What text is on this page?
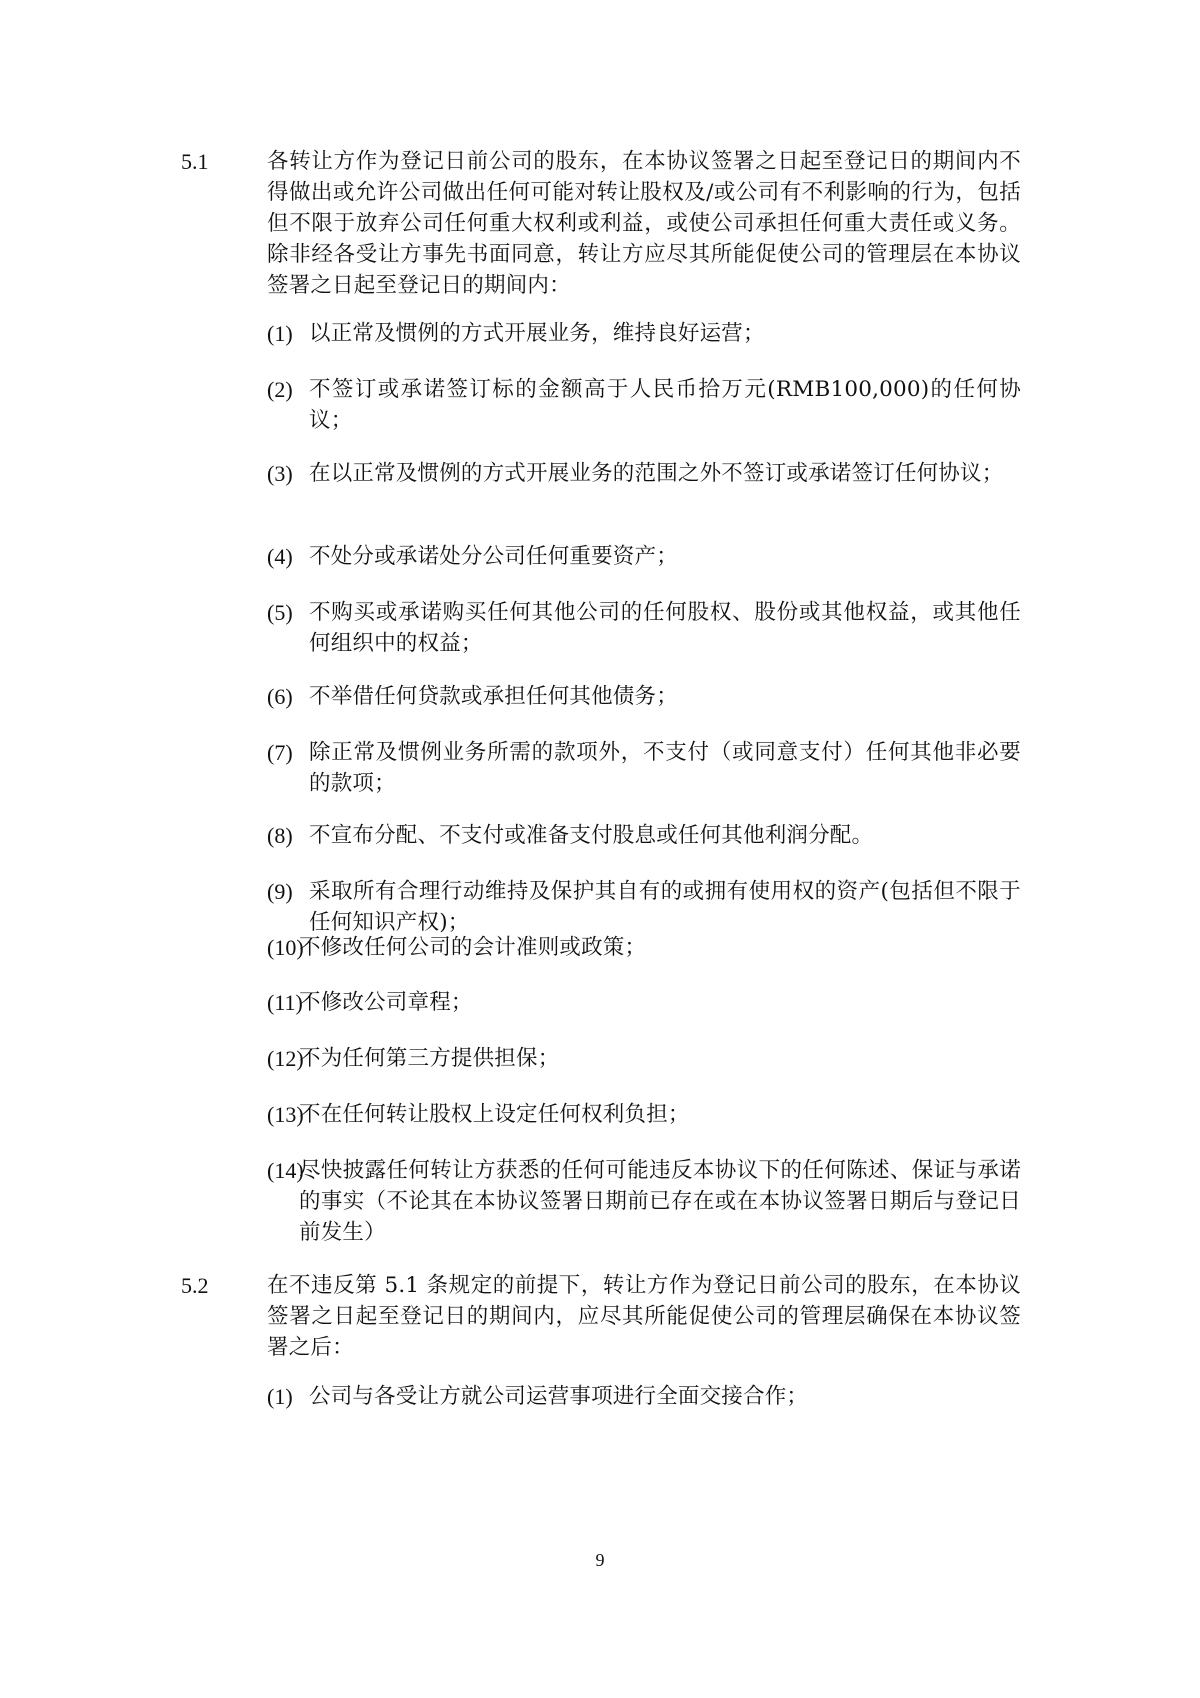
5.1	各转让方作为登记日前公司的股东，在本协议签署之日起至登记日的期间内不得做出或允许公司做出任何可能对转让股权及/或公司有不利影响的行为，包括但不限于放弃公司任何重大权利或利益，或使公司承担任何重大责任或义务。除非经各受让方事先书面同意，转让方应尽其所能促使公司的管理层在本协议签署之日起至登记日的期间内：
(1) 以正常及惯例的方式开展业务，维持良好运营；
(2) 不签订或承诺签订标的金额高于人民币拾万元(RMB100,000)的任何协议；
(3) 在以正常及惯例的方式开展业务的范围之外不签订或承诺签订任何协议；
(4) 不处分或承诺处分公司任何重要资产；
(5) 不购买或承诺购买任何其他公司的任何股权、股份或其他权益，或其他任何组织中的权益；
(6) 不举借任何贷款或承担任何其他债务；
(7) 除正常及惯例业务所需的款项外，不支付（或同意支付）任何其他非必要的款项；
(8) 不宣布分配、不支付或准备支付股息或任何其他利润分配。
(9) 采取所有合理行动维持及保护其自有的或拥有使用权的资产(包括但不限于任何知识产权)；
(10)
不修改任何公司的会计准则或政策；
(11)
不修改公司章程；
(12)
不为任何第三方提供担保；
(13)
不在任何转让股权上设定任何权利负担；
(14)
尽快披露任何转让方获悉的任何可能违反本协议下的任何陈述、保证与承诺的事实（不论其在本协议签署日期前已存在或在本协议签署日期后与登记日前发生）
5.2	在不违反第 5.1 条规定的前提下，转让方作为登记日前公司的股东，在本协议签署之日起至登记日的期间内，应尽其所能促使公司的管理层确保在本协议签署之后：
(1) 公司与各受让方就公司运营事项进行全面交接合作；
9
